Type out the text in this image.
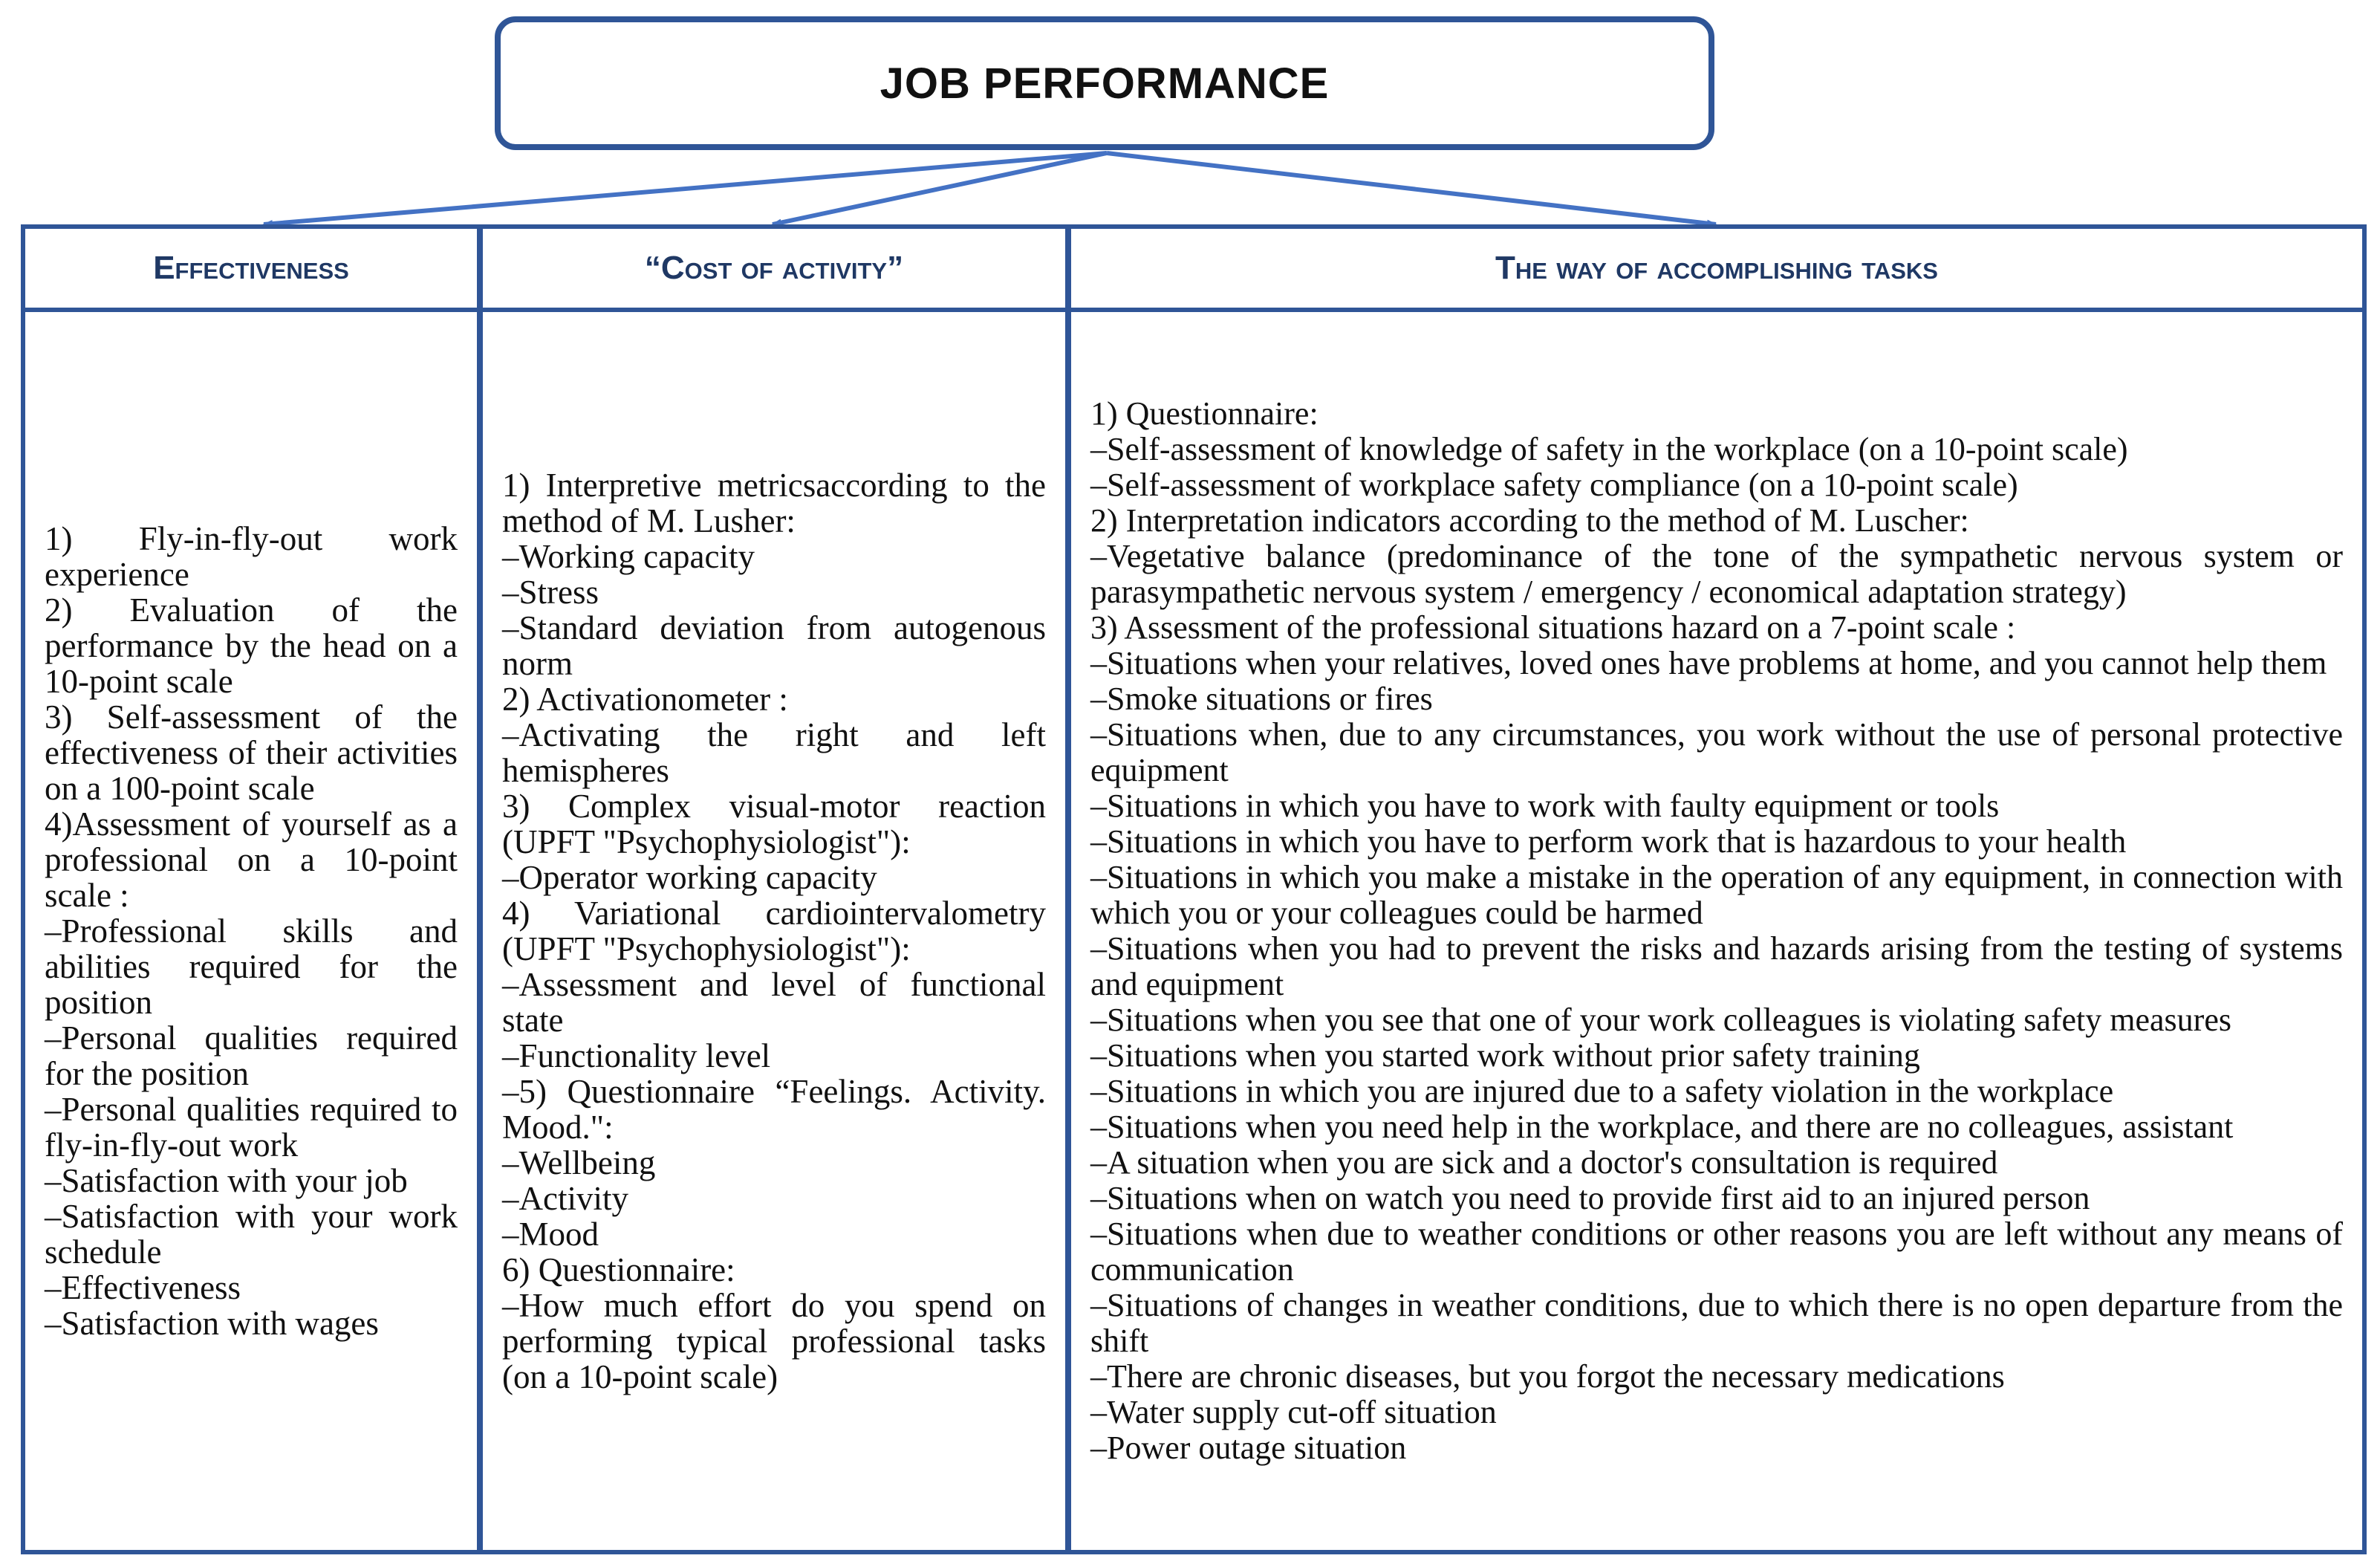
JOB PERFORMANCE
Effectiveness
1) Fly-in-fly-out work experience
2) Evaluation of the performance by the head on a 10-point scale
3) Self-assessment of the effectiveness of their activities on a 100-point scale
4)Assessment of yourself as a professional on a 10-point scale :
–Professional skills and abilities required for the position
–Personal qualities required for the position
–Personal qualities required to fly-in-fly-out work
–Satisfaction with your job
–Satisfaction with your work schedule
–Effectiveness
–Satisfaction with wages
“Cost of activity”
1) Interpretive metricsaccording to the method of M. Lusher:
–Working capacity
–Stress
–Standard deviation from autogenous norm
2) Activationometer :
–Activating the right and left hemispheres
3) Complex visual-motor reaction (UPFT "Psychophysiologist"):
–Operator working capacity
4) Variational cardiointervalometry (UPFT "Psychophysiologist"):
–Assessment and level of functional state
–Functionality level
–5) Questionnaire “Feelings. Activity. Mood.":
–Wellbeing
–Activity
–Mood
6) Questionnaire:
–How much effort do you spend on performing typical professional tasks (on a 10-point scale)
The way of accomplishing tasks
1) Questionnaire:
–Self-assessment of knowledge of safety in the workplace (on a 10-point scale)
–Self-assessment of workplace safety compliance (on a 10-point scale)
2) Interpretation indicators according to the method of M. Luscher:
–Vegetative balance (predominance of the tone of the sympathetic nervous system or parasympathetic nervous system / emergency / economical adaptation strategy)
3) Assessment of the professional situations hazard on a 7-point scale :
–Situations when your relatives, loved ones have problems at home, and you cannot help them
–Smoke situations or fires
–Situations when, due to any circumstances, you work without the use of personal protective equipment
–Situations in which you have to work with faulty equipment or tools
–Situations in which you have to perform work that is hazardous to your health
–Situations in which you make a mistake in the operation of any equipment, in connection with which you or your colleagues could be harmed
–Situations when you had to prevent the risks and hazards arising from the testing of systems and equipment
–Situations when you see that one of your work colleagues is violating safety measures
–Situations when you started work without prior safety training
–Situations in which you are injured due to a safety violation in the workplace
–Situations when you need help in the workplace, and there are no colleagues, assistant
–A situation when you are sick and a doctor's consultation is required
–Situations when on watch you need to provide first aid to an injured person
–Situations when due to weather conditions or other reasons you are left without any means of communication
–Situations of changes in weather conditions, due to which there is no open departure from the shift
–There are chronic diseases, but you forgot the necessary medications
–Water supply cut-off situation
–Power outage situation
